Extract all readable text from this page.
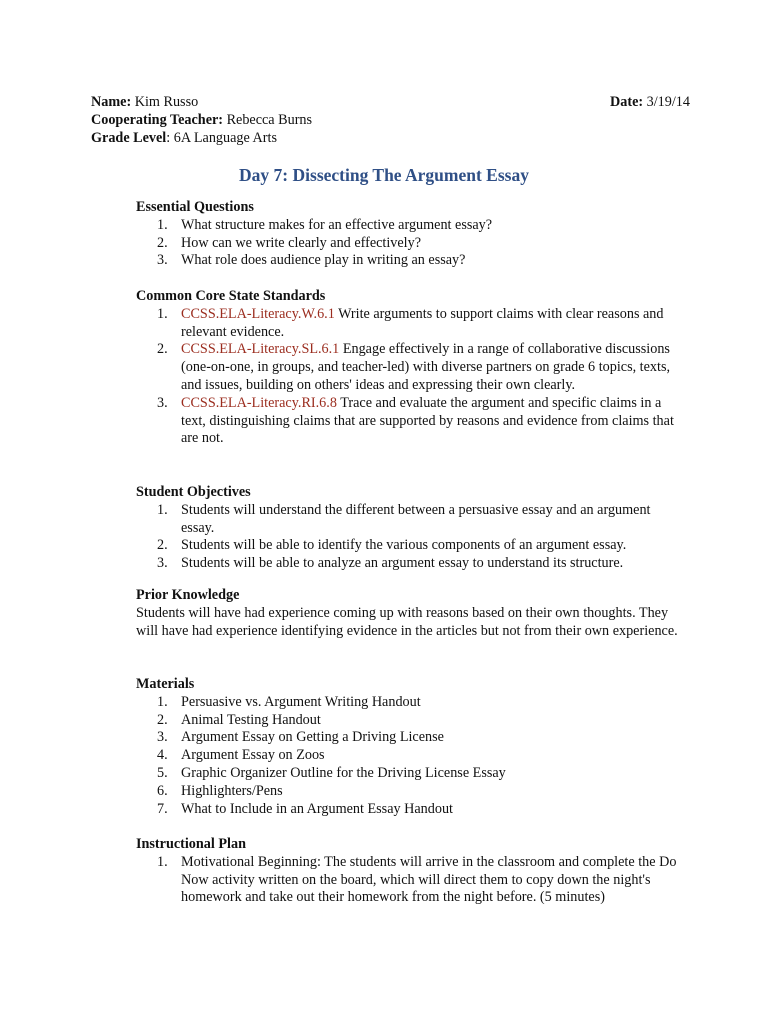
Name: Kim Russo	Date: 3/19/14
Cooperating Teacher: Rebecca Burns
Grade Level: 6A Language Arts
Day 7: Dissecting The Argument Essay
Essential Questions
1. What structure makes for an effective argument essay?
2. How can we write clearly and effectively?
3. What role does audience play in writing an essay?
Common Core State Standards
1. CCSS.ELA-Literacy.W.6.1 Write arguments to support claims with clear reasons and relevant evidence.
2. CCSS.ELA-Literacy.SL.6.1 Engage effectively in a range of collaborative discussions (one-on-one, in groups, and teacher-led) with diverse partners on grade 6 topics, texts, and issues, building on others' ideas and expressing their own clearly.
3. CCSS.ELA-Literacy.RI.6.8 Trace and evaluate the argument and specific claims in a text, distinguishing claims that are supported by reasons and evidence from claims that are not.
Student Objectives
1. Students will understand the different between a persuasive essay and an argument essay.
2. Students will be able to identify the various components of an argument essay.
3. Students will be able to analyze an argument essay to understand its structure.
Prior Knowledge

Students will have had experience coming up with reasons based on their own thoughts. They will have had experience identifying evidence in the articles but not from their own experience.

Materials
1. Persuasive vs. Argument Writing Handout
2. Animal Testing Handout
3. Argument Essay on Getting a Driving License
4. Argument Essay on Zoos
5. Graphic Organizer Outline for the Driving License Essay
6. Highlighters/Pens
7. What to Include in an Argument Essay Handout
Instructional Plan
1. Motivational Beginning: The students will arrive in the classroom and complete the Do Now activity written on the board, which will direct them to copy down the night's homework and take out their homework from the night before. (5 minutes)
